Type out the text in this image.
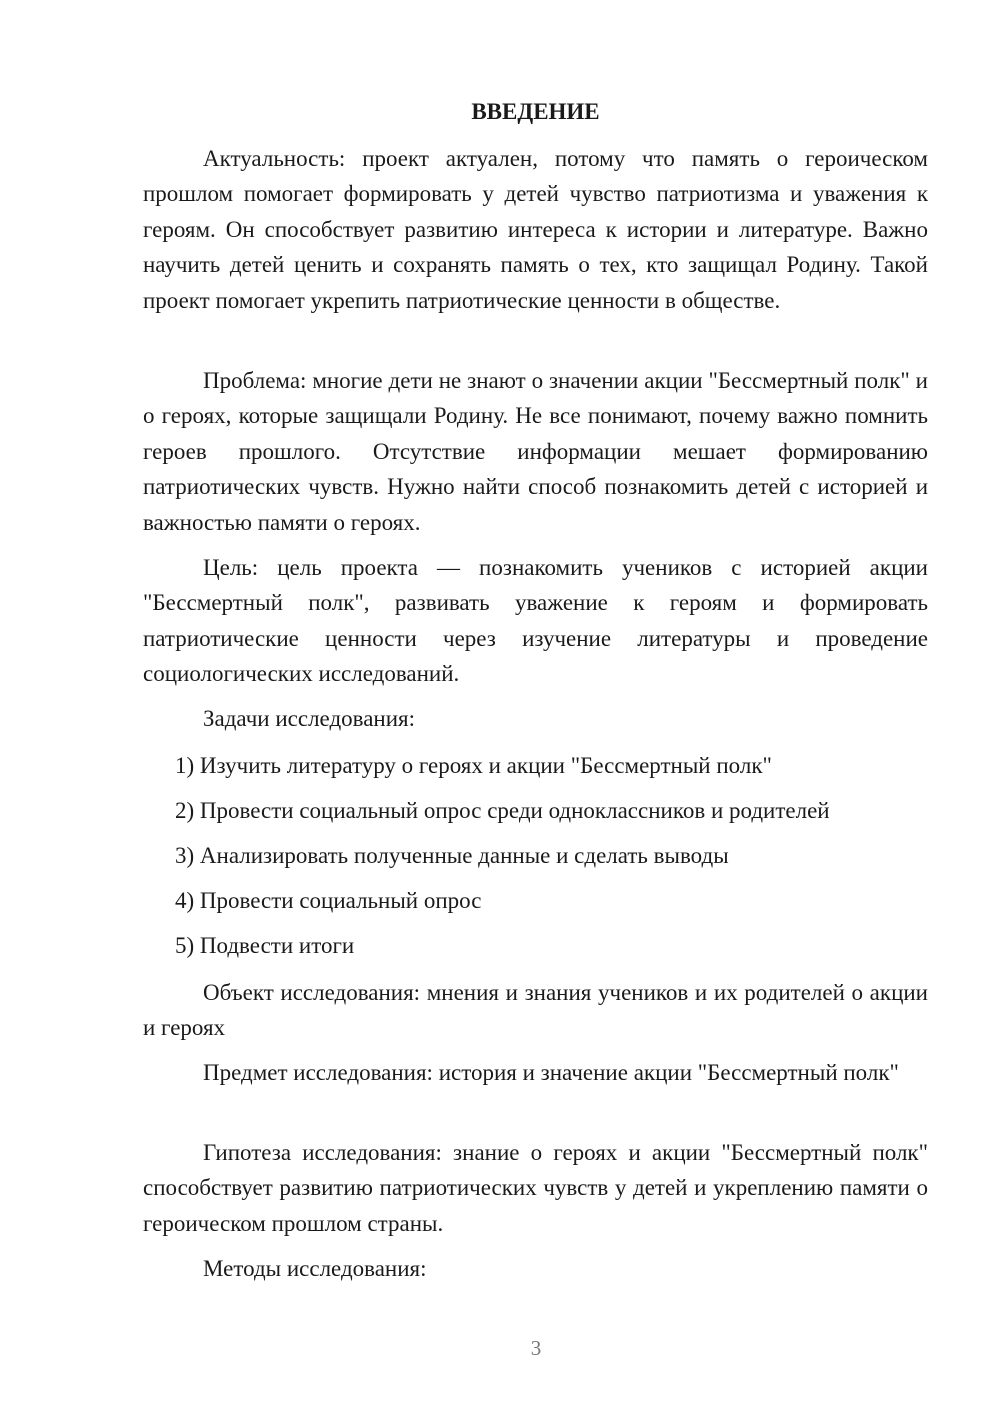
ВВЕДЕНИЕ

Актуальность: проект актуален, потому что память о героическом прошлом помогает формировать у детей чувство патриотизма и уважения к героям. Он способствует развитию интереса к истории и литературе. Важно научить детей ценить и сохранять память о тех, кто защищал Родину. Такой проект помогает укрепить патриотические ценности в обществе.

Проблема: многие дети не знают о значении акции "Бессмертный полк" и о героях, которые защищали Родину. Не все понимают, почему важно помнить героев прошлого. Отсутствие информации мешает формированию патриотических чувств. Нужно найти способ познакомить детей с историей и важностью памяти о героях.

Цель: цель проекта — познакомить учеников с историей акции "Бессмертный полк", развивать уважение к героям и формировать патриотические ценности через изучение литературы и проведение социологических исследований.

Задачи исследования:

1) Изучить литературу о героях и акции "Бессмертный полк"
2) Провести социальный опрос среди одноклассников и родителей
3) Анализировать полученные данные и сделать выводы
4) Провести социальный опрос
5) Подвести итоги

Объект исследования: мнения и знания учеников и их родителей о акции и героях

Предмет исследования: история и значение акции "Бессмертный полк"

Гипотеза исследования: знание о героях и акции "Бессмертный полк" способствует развитию патриотических чувств у детей и укреплению памяти о героическом прошлом страны.

Методы исследования:

3
